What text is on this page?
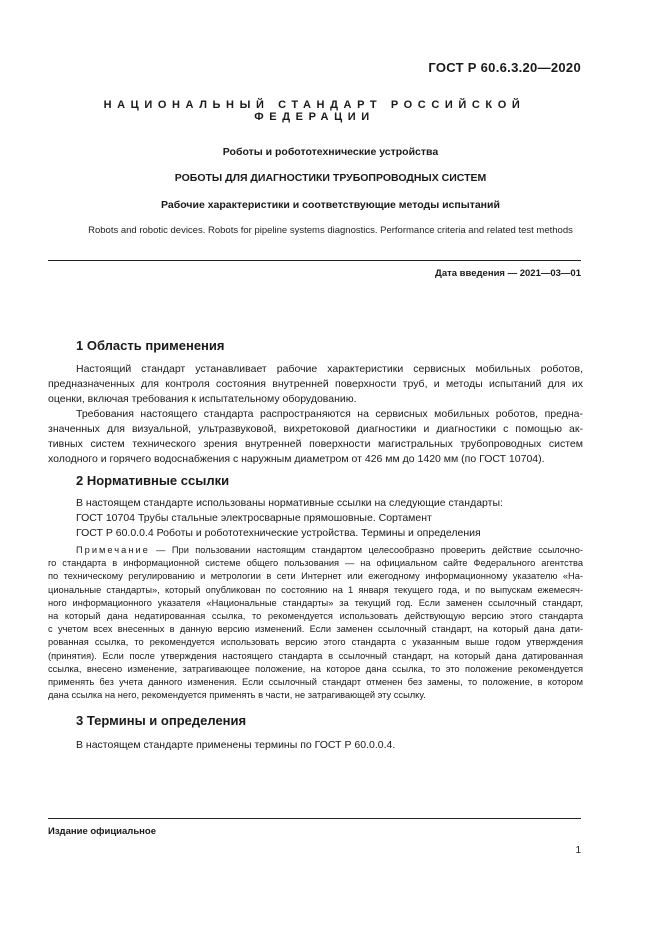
ГОСТ Р 60.6.3.20—2020
НАЦИОНАЛЬНЫЙ СТАНДАРТ РОССИЙСКОЙ ФЕДЕРАЦИИ
Роботы и робототехнические устройства
РОБОТЫ ДЛЯ ДИАГНОСТИКИ ТРУБОПРОВОДНЫХ СИСТЕМ
Рабочие характеристики и соответствующие методы испытаний
Robots and robotic devices. Robots for pipeline systems diagnostics. Performance criteria and related test methods
Дата введения — 2021—03—01
1 Область применения
Настоящий стандарт устанавливает рабочие характеристики сервисных мобильных роботов,
предназначенных для контроля состояния внутренней поверхности труб, и методы испытаний для их
оценки, включая требования к испытательному оборудованию.
Требования настоящего стандарта распространяются на сервисных мобильных роботов, предна-
значенных для визуальной, ультразвуковой, вихретоковой диагностики и диагностики с помощью ак-
тивных систем технического зрения внутренней поверхности магистральных трубопроводных систем
холодного и горячего водоснабжения с наружным диаметром от 426 мм до 1420 мм (по ГОСТ 10704).
2 Нормативные ссылки
В настоящем стандарте использованы нормативные ссылки на следующие стандарты:
ГОСТ 10704 Трубы стальные электросварные прямошовные. Сортамент
ГОСТ Р 60.0.0.4 Роботы и робототехнические устройства. Термины и определения
Примечание — При пользовании настоящим стандартом целесообразно проверить действие ссылочно-
го стандарта в информационной системе общего пользования — на официальном сайте Федерального агентства
по техническому регулированию и метрологии в сети Интернет или ежегодному информационному указателю «На-
циональные стандарты», который опубликован по состоянию на 1 января текущего года, и по выпускам ежемесяч-
ного информационного указателя «Национальные стандарты» за текущий год. Если заменен ссылочный стандарт,
на который дана недатированная ссылка, то рекомендуется использовать действующую версию этого стандарта
с учетом всех внесенных в данную версию изменений. Если заменен ссылочный стандарт, на который дана дати-
рованная ссылка, то рекомендуется использовать версию этого стандарта с указанным выше годом утверждения
(принятия). Если после утверждения настоящего стандарта в ссылочный стандарт, на который дана датированная
ссылка, внесено изменение, затрагивающее положение, на которое дана ссылка, то это положение рекомендуется
применять без учета данного изменения. Если ссылочный стандарт отменен без замены, то положение, в котором
дана ссылка на него, рекомендуется применять в части, не затрагивающей эту ссылку.
3 Термины и определения
В настоящем стандарте применены термины по ГОСТ Р 60.0.0.4.
Издание официальное
1
